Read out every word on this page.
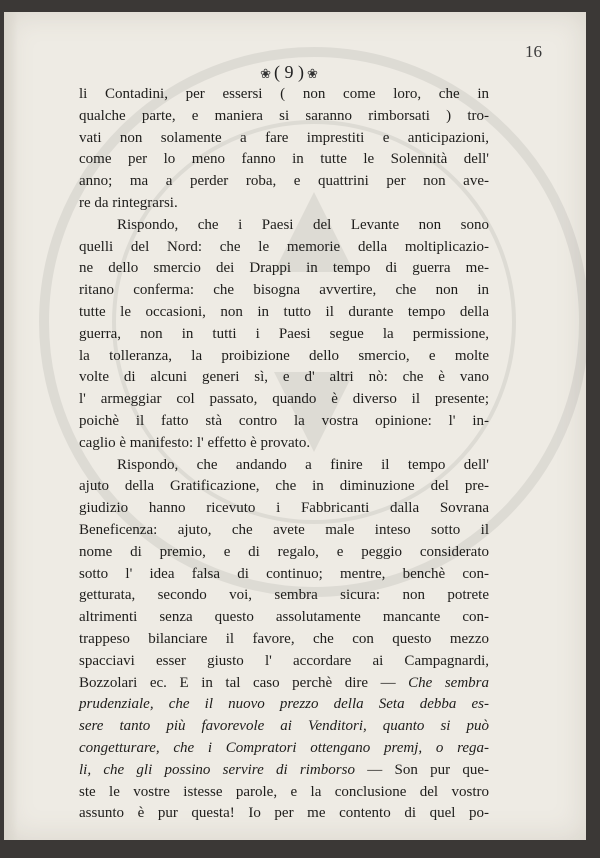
16
❀ ( 9 ) ❀
li Contadini, per essersi ( non come loro, che in
qualche parte, e maniera si saranno rimborsati ) tro-
vati non solamente a fare imprestiti e anticipazioni,
come per lo meno fanno in tutte le Solennità dell'
anno; ma a perder roba, e quattrini per non ave-
re da rintegrarsi.
Rispondo, che i Paesi del Levante non sono
quelli del Nord: che le memorie della moltiplicazio-
ne dello smercio dei Drappi in tempo di guerra me-
ritano conferma: che bisogna avvertire, che non in
tutte le occasioni, non in tutto il durante tempo della
guerra, non in tutti i Paesi segue la permissione,
la tolleranza, la proibizione dello smercio, e molte
volte di alcuni generi sì, e d' altri nò: che è vano
l' armeggiar col passato, quando è diverso il presente;
poichè il fatto stà contro la vostra opinione: l' in-
caglio è manifesto: l' effetto è provato.
Rispondo, che andando a finire il tempo dell'
ajuto della Gratificazione, che in diminuzione del pre-
giudizio hanno ricevuto i Fabbricanti dalla Sovrana
Beneficenza: ajuto, che avete male inteso sotto il
nome di premio, e di regalo, e peggio considerato
sotto l' idea falsa di continuo; mentre, benchè con-
getturata, secondo voi, sembra sicura: non potrete
altrimenti senza questo assolutamente mancante con-
trappeso bilanciare il favore, che con questo mezzo
spacciavi esser giusto l' accordare ai Campagnardi,
Bozzolari ec. E in tal caso perchè dire — Che sembra
prudenziale, che il nuovo prezzo della Seta debba es-
sere tanto più favorevole ai Venditori, quanto si può
congetturare, che i Compratori ottengano premj, o rega-
li, che gli possino servire di rimborso — Son pur que-
ste le vostre istesse parole, e la conclusione del vostro
assunto è pur questa! Io per me contento di quel po-
